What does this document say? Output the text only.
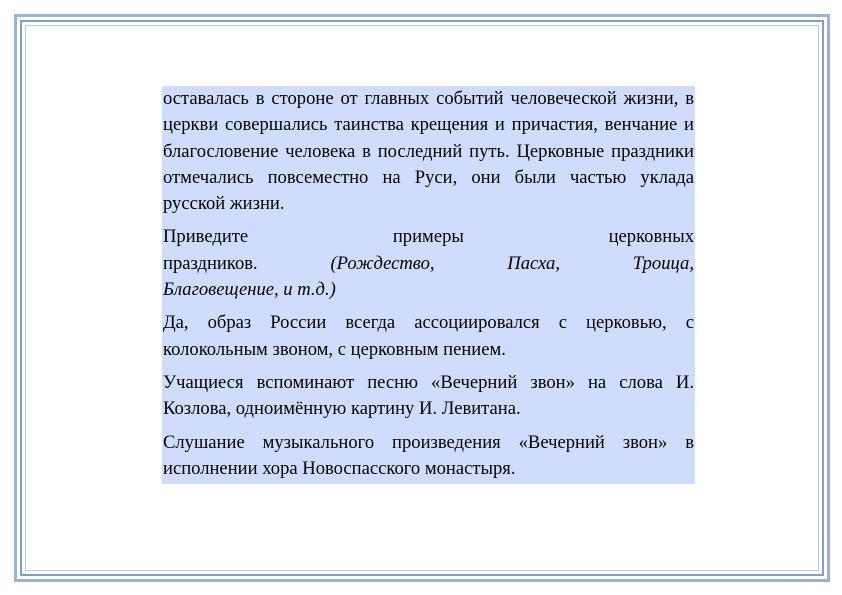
оставалась в стороне от главных событий человеческой жизни, в церкви совершались таинства крещения и причастия, венчание и благословение человека в последний путь. Церковные праздники отмечались повсеместно на Руси, они были частью уклада русской жизни.

Приведите примеры церковных
праздников.	(Рождество, Пасха, Троица,
Благовещение, и т.д.)

Да, образ России всегда ассоциировался с церковью, с колокольным звоном, с церковным пением.

Учащиеся вспоминают песню «Вечерний звон» на слова И. Козлова, одноимённую картину И. Левитана.

Слушание музыкального произведения «Вечерний звон» в исполнении хора Новоспасского монастыря.
